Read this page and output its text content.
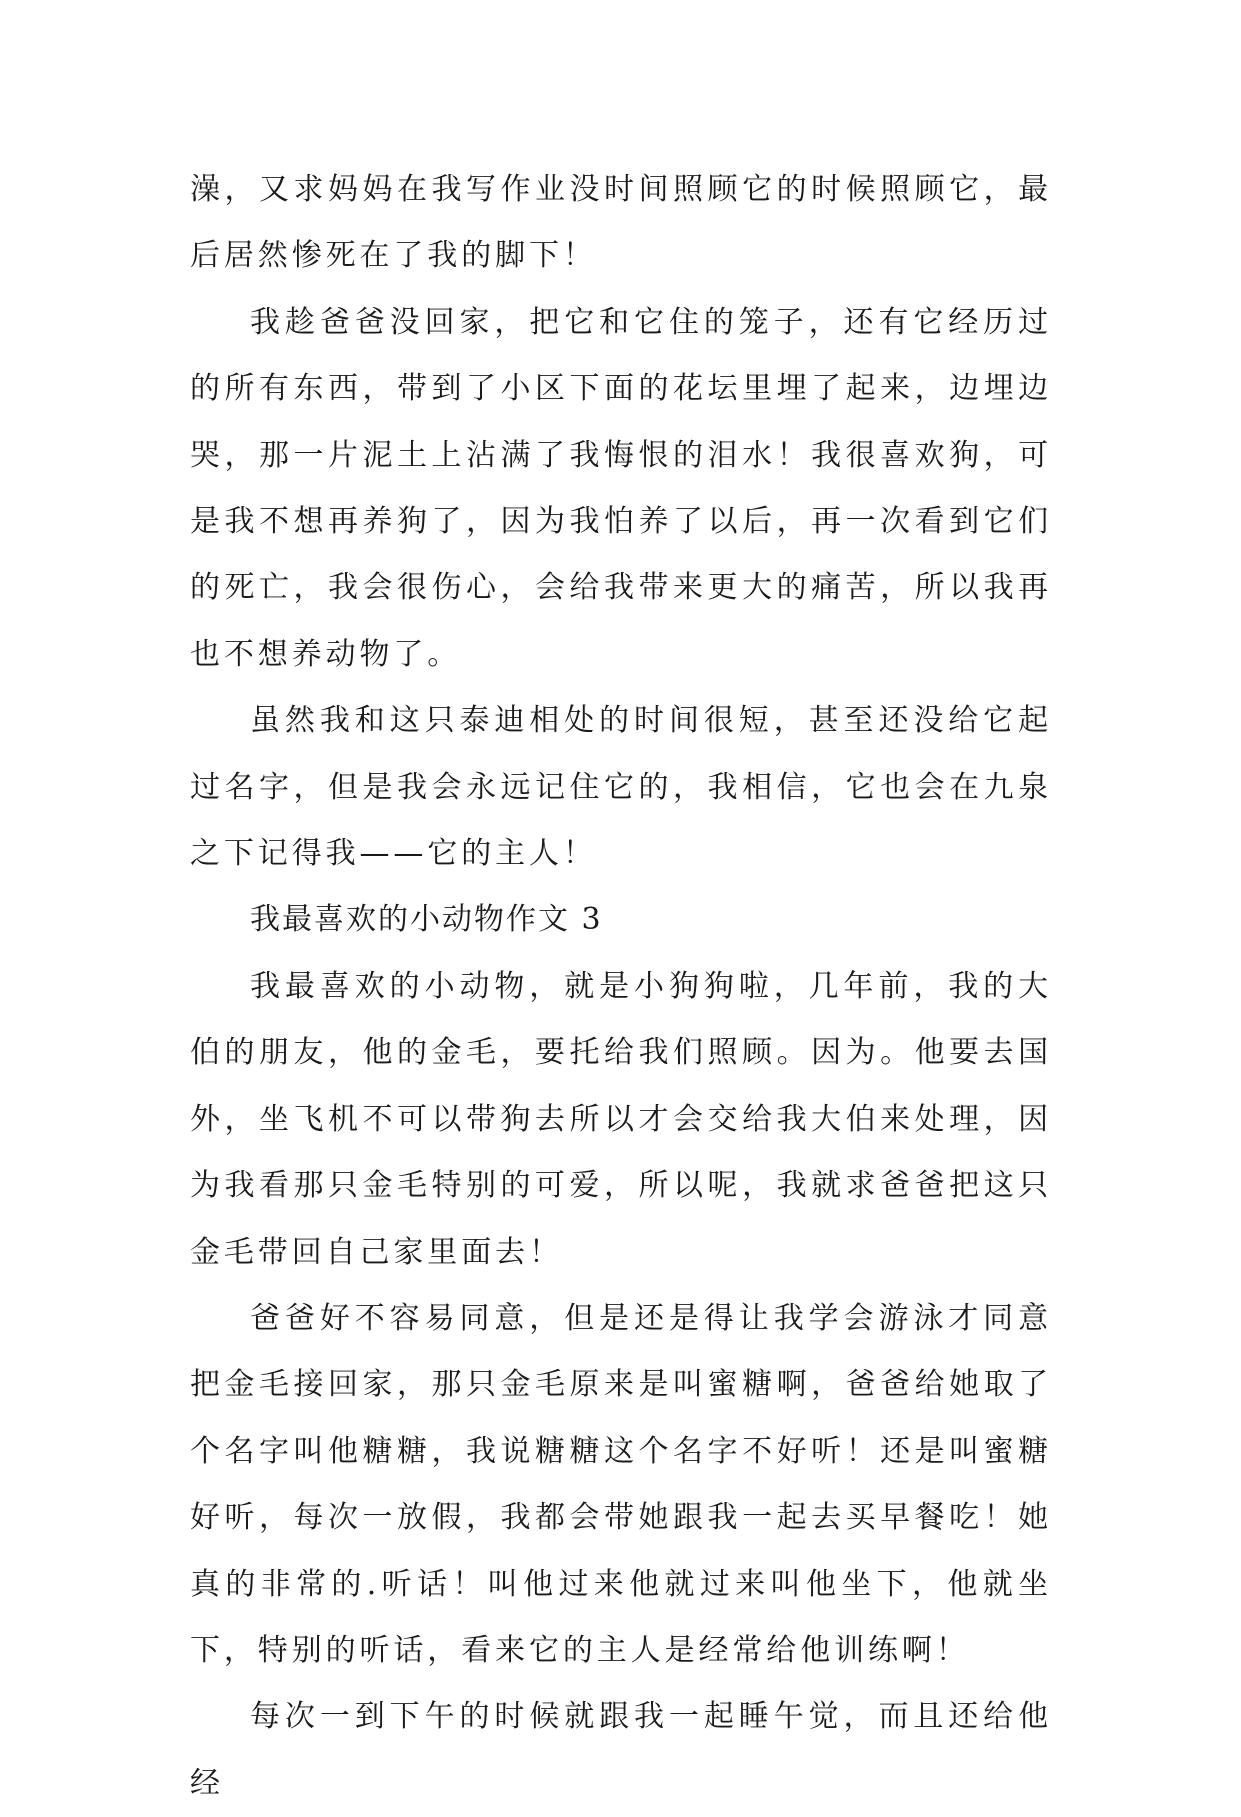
澡，又求妈妈在我写作业没时间照顾它的时候照顾它，最后居然惨死在了我的脚下！

我趁爸爸没回家，把它和它住的笼子，还有它经历过的所有东西，带到了小区下面的花坛里埋了起来，边埋边哭，那一片泥土上沾满了我悔恨的泪水！我很喜欢狗，可是我不想再养狗了，因为我怕养了以后，再一次看到它们的死亡，我会很伤心，会给我带来更大的痛苦，所以我再也不想养动物了。

虽然我和这只泰迪相处的时间很短，甚至还没给它起过名字，但是我会永远记住它的，我相信，它也会在九泉之下记得我——它的主人！

我最喜欢的小动物作文 3

我最喜欢的小动物，就是小狗狗啦，几年前，我的大伯的朋友，他的金毛，要托给我们照顾。因为。他要去国外，坐飞机不可以带狗去所以才会交给我大伯来处理，因为我看那只金毛特别的可爱，所以呢，我就求爸爸把这只金毛带回自己家里面去！

爸爸好不容易同意，但是还是得让我学会游泳才同意把金毛接回家，那只金毛原来是叫蜜糖啊，爸爸给她取了个名字叫他糖糖，我说糖糖这个名字不好听！还是叫蜜糖好听，每次一放假，我都会带她跟我一起去买早餐吃！她真的非常的.听话！叫他过来他就过来叫他坐下，他就坐下，特别的听话，看来它的主人是经常给他训练啊！

每次一到下午的时候就跟我一起睡午觉，而且还给他经
